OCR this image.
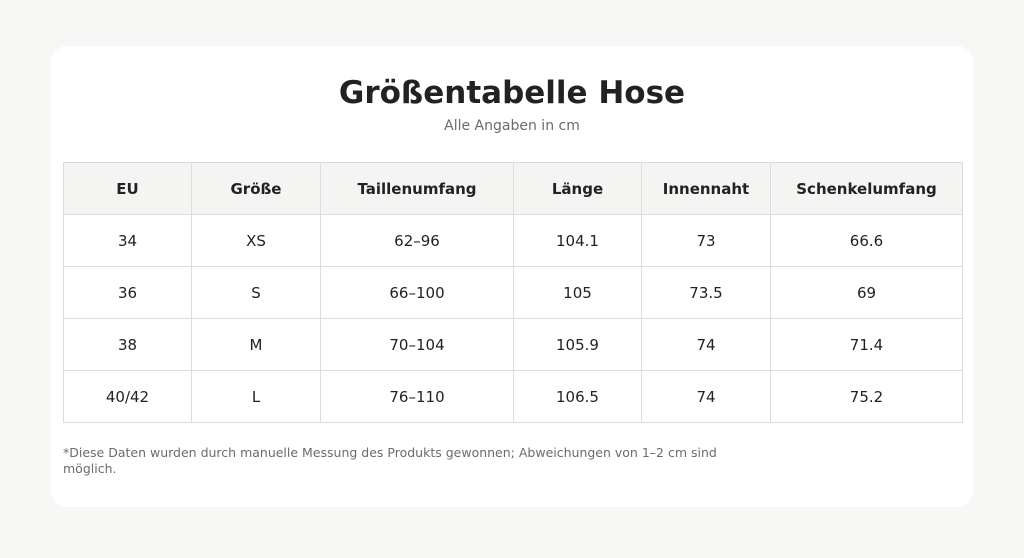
Größentabelle Hose

Alle Angaben in cm

EU	Größe	Taillenumfang	Länge	Innennaht	Schenkelumfang
34	XS	62–96	104.1	73	66.6
36	S	66–100	105	73.5	69
38	M	70–104	105.9	74	71.4
40/42	L	76–110	106.5	74	75.2

*Diese Daten wurden durch manuelle Messung des Produkts gewonnen; Abweichungen von 1–2 cm sind möglich.
